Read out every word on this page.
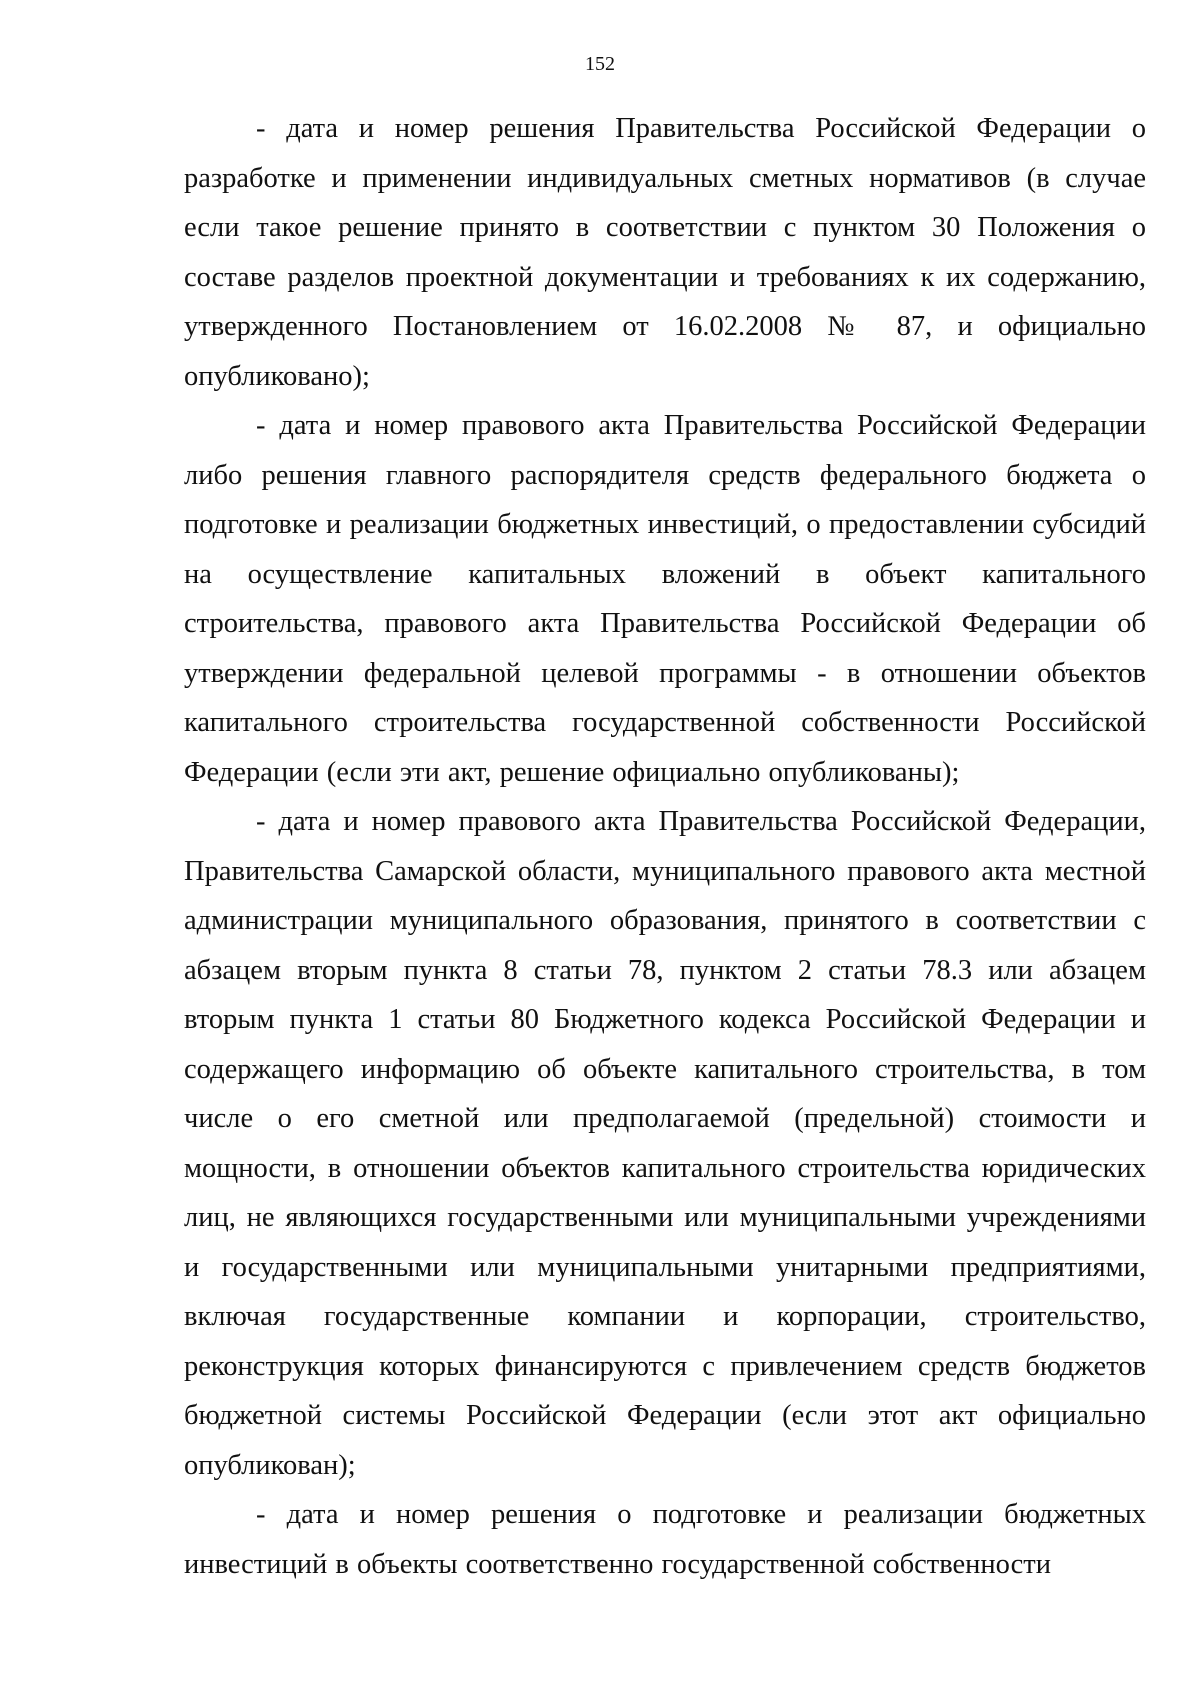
152

- дата и номер решения Правительства Российской Федерации о разработке и применении индивидуальных сметных нормативов (в случае если такое решение принято в соответствии с пунктом 30 Положения о составе разделов проектной документации и требованиях к их содержанию, утвержденного Постановлением от 16.02.2008 № 87, и официально опубликовано);

- дата и номер правового акта Правительства Российской Федерации либо решения главного распорядителя средств федерального бюджета о подготовке и реализации бюджетных инвестиций, о предоставлении субсидий на осуществление капитальных вложений в объект капитального строительства, правового акта Правительства Российской Федерации об утверждении федеральной целевой программы - в отношении объектов капитального строительства государственной собственности Российской Федерации (если эти акт, решение официально опубликованы);

- дата и номер правового акта Правительства Российской Федерации, Правительства Самарской области, муниципального правового акта местной администрации муниципального образования, принятого в соответствии с абзацем вторым пункта 8 статьи 78, пунктом 2 статьи 78.3 или абзацем вторым пункта 1 статьи 80 Бюджетного кодекса Российской Федерации и содержащего информацию об объекте капитального строительства, в том числе о его сметной или предполагаемой (предельной) стоимости и мощности, в отношении объектов капитального строительства юридических лиц, не являющихся государственными или муниципальными учреждениями и государственными или муниципальными унитарными предприятиями, включая государственные компании и корпорации, строительство, реконструкция которых финансируются с привлечением средств бюджетов бюджетной системы Российской Федерации (если этот акт официально опубликован);

- дата и номер решения о подготовке и реализации бюджетных инвестиций в объекты соответственно государственной собственности
